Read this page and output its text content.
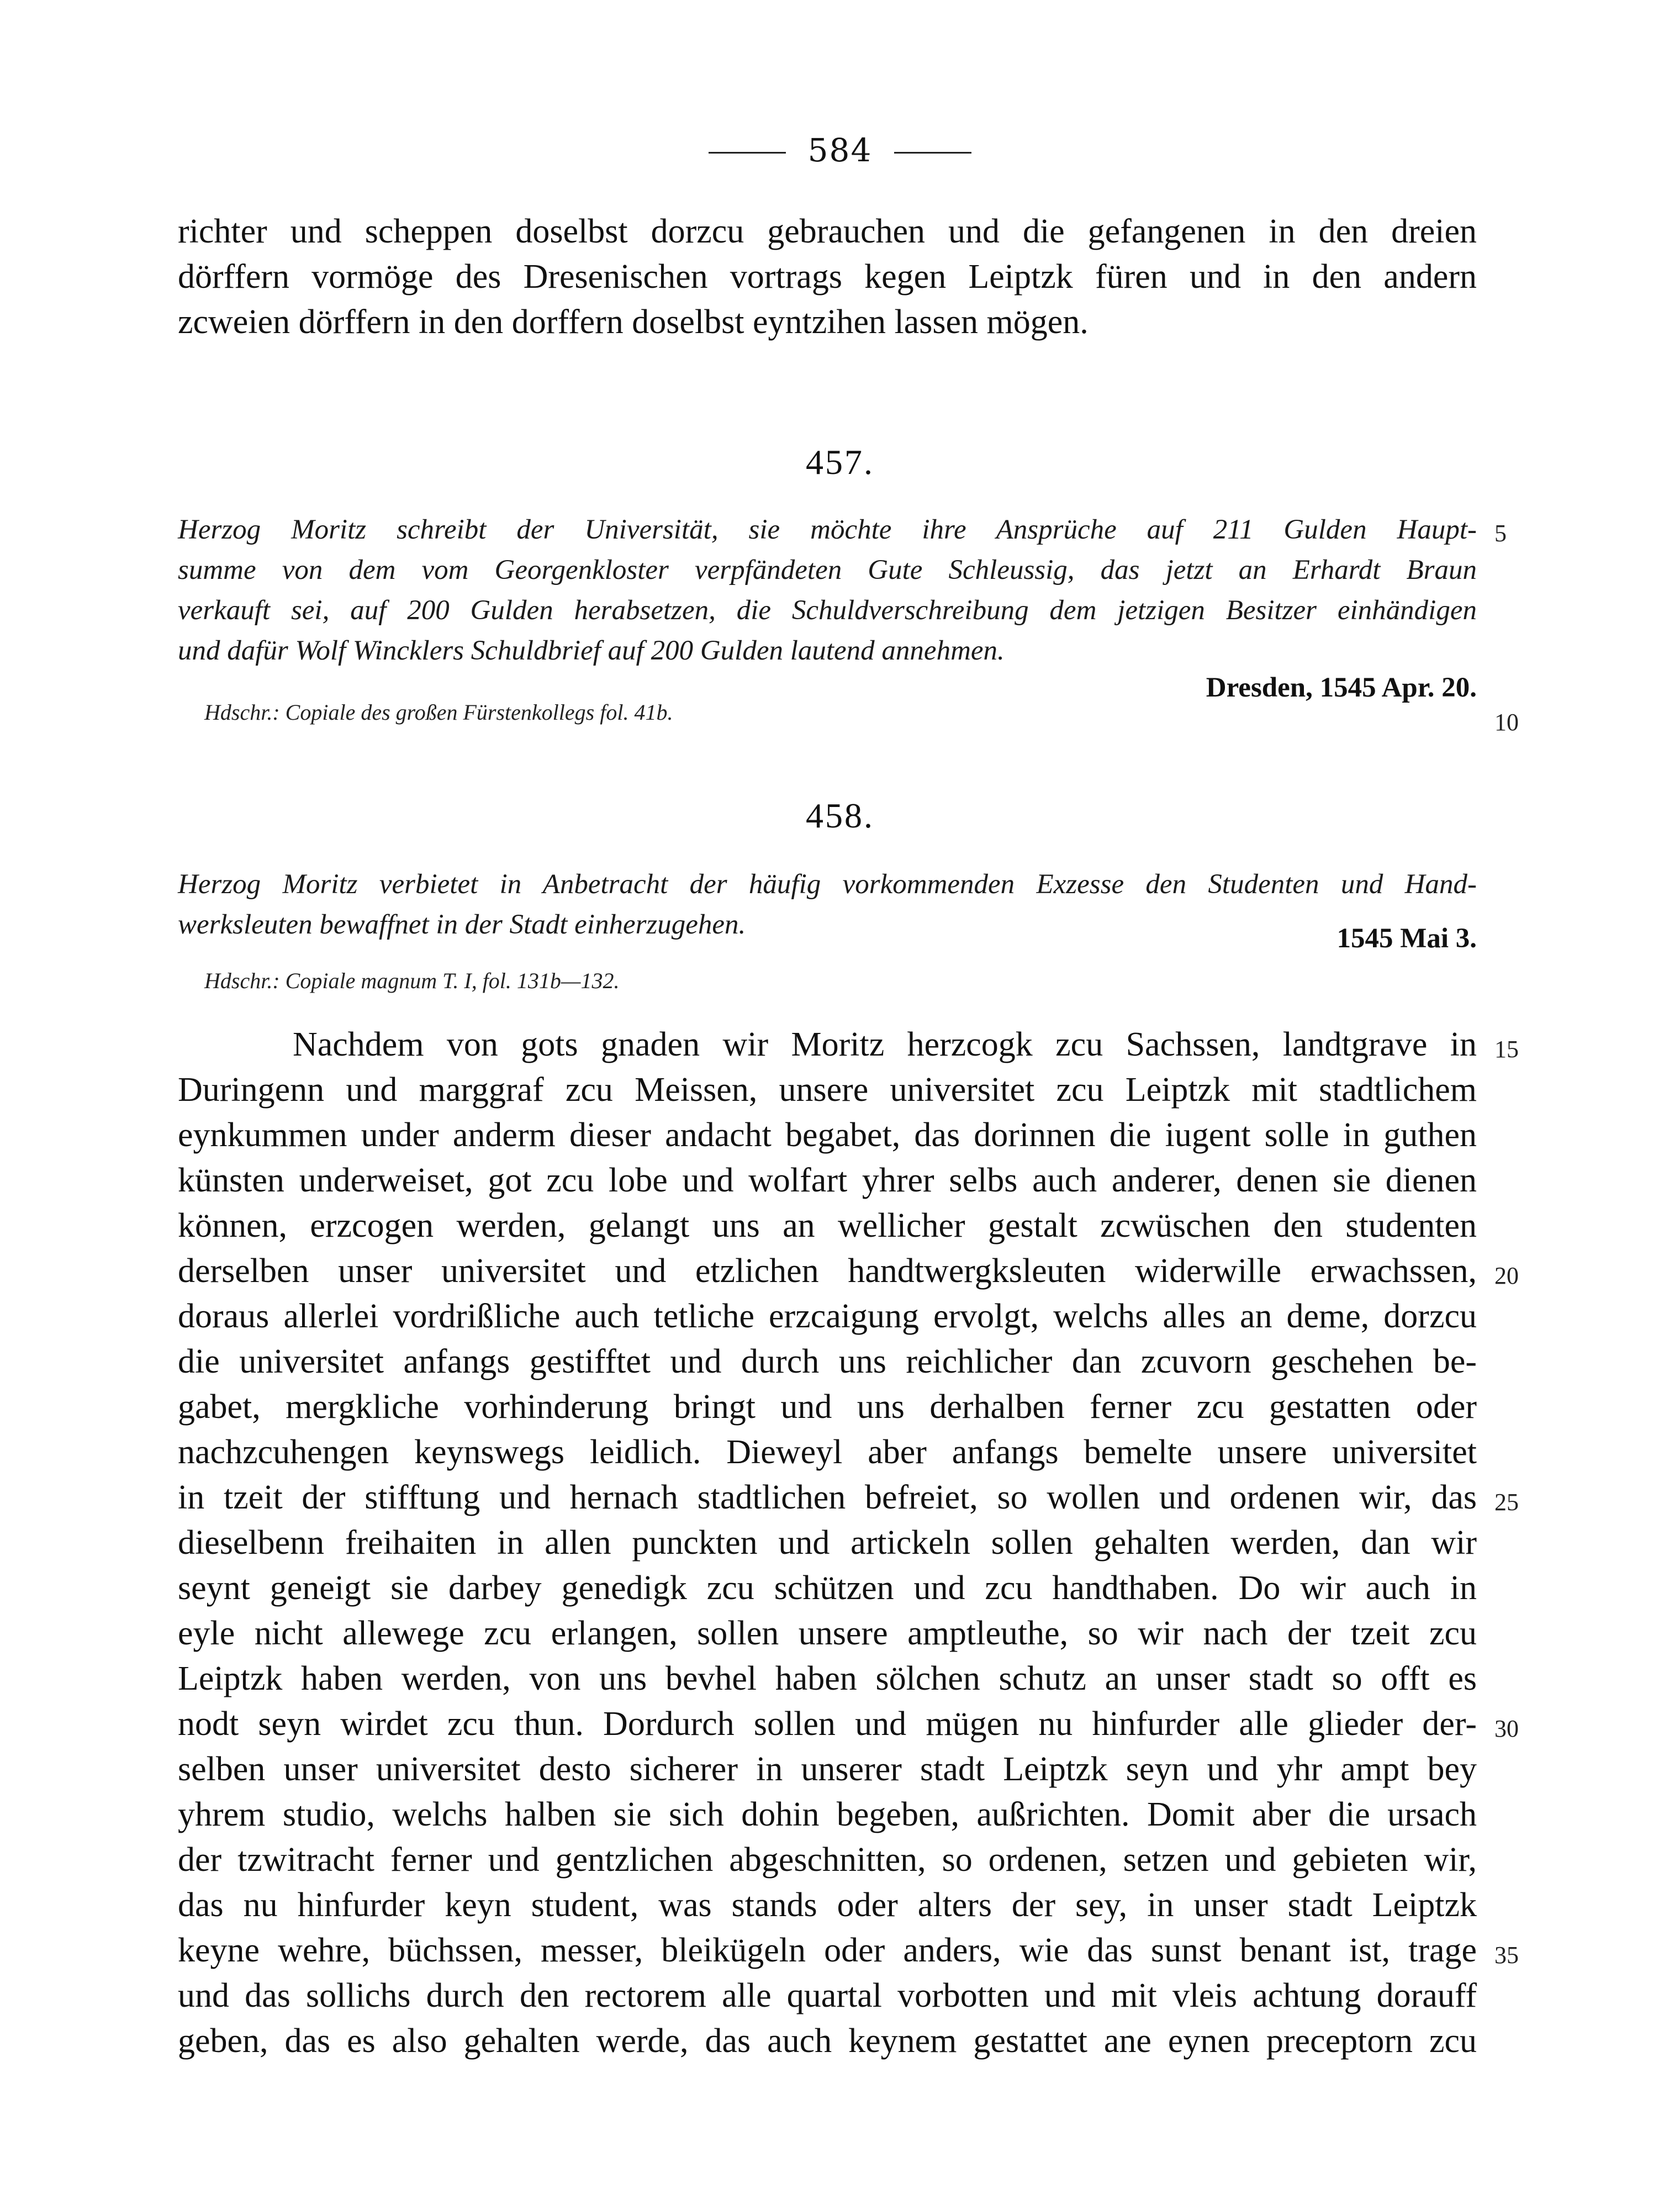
584
richter und scheppen doselbst dorzcu gebrauchen und die gefangenen in den dreien
dörffern vormöge des Dresenischen vortrags kegen Leiptzk füren und in den andern
zcweien dörffern in den dorffern doselbst eyntzihen lassen mögen.
457.
Herzog Moritz schreibt der Universität, sie möchte ihre Ansprüche auf 211 Gulden Haupt-
summe von dem vom Georgenkloster verpfändeten Gute Schleussig, das jetzt an Erhardt Braun
verkauft sei, auf 200 Gulden herabsetzen, die Schuldverschreibung dem jetzigen Besitzer einhändigen
und dafür Wolf Wincklers Schuldbrief auf 200 Gulden lautend annehmen.
Dresden, 1545 Apr. 20.
Hdschr.: Copiale des großen Fürstenkollegs fol. 41b.
458.
Herzog Moritz verbietet in Anbetracht der häufig vorkommenden Exzesse den Studenten und Hand-
werksleuten bewaffnet in der Stadt einherzugehen.	1545 Mai 3.
Hdschr.: Copiale magnum T. I, fol. 131b—132.
Nachdem von gots gnaden wir Moritz herzcogk zcu Sachssen, landtgrave in
Duringenn und marggraf zcu Meissen, unsere universitet zcu Leiptzk mit stadtlichem
eynkummen under anderm dieser andacht begabet, das dorinnen die iugent solle in guthen
künsten underweiset, got zcu lobe und wolfart yhrer selbs auch anderer, denen sie dienen
können, erzcogen werden, gelangt uns an wellicher gestalt zcwüschen den studenten
derselben unser universitet und etzlichen handtwergksleuten widerwille erwachssen,
doraus allerlei vordrißliche auch tetliche erzcaigung ervolgt, welchs alles an deme, dorzcu
die universitet anfangs gestifftet und durch uns reichlicher dan zcuvorn geschehen be-
gabet, mergkliche vorhinderung bringt und uns derhalben ferner zcu gestatten oder
nachzcuhengen keynswegs leidlich. Dieweyl aber anfangs bemelte unsere universitet
in tzeit der stifftung und hernach stadtlichen befreiet, so wollen und ordenen wir, das
dieselbenn freihaiten in allen punckten und artickeln sollen gehalten werden, dan wir
seynt geneigt sie darbey genedigk zcu schützen und zcu handthaben. Do wir auch in
eyle nicht allewege zcu erlangen, sollen unsere amptleuthe, so wir nach der tzeit zcu
Leiptzk haben werden, von uns bevhel haben sölchen schutz an unser stadt so offt es
nodt seyn wirdet zcu thun. Dordurch sollen und mügen nu hinfurder alle glieder der-
selben unser universitet desto sicherer in unserer stadt Leiptzk seyn und yhr ampt bey
yhrem studio, welchs halben sie sich dohin begeben, außrichten. Domit aber die ursach
der tzwitracht ferner und gentzlichen abgeschnitten, so ordenen, setzen und gebieten wir,
das nu hinfurder keyn student, was stands oder alters der sey, in unser stadt Leiptzk
keyne wehre, büchssen, messer, bleikügeln oder anders, wie das sunst benant ist, trage
und das sollichs durch den rectorem alle quartal vorbotten und mit vleis achtung dorauff
geben, das es also gehalten werde, das auch keynem gestattet ane eynen preceptorn zcu
5
10
15
20
25
30
35
